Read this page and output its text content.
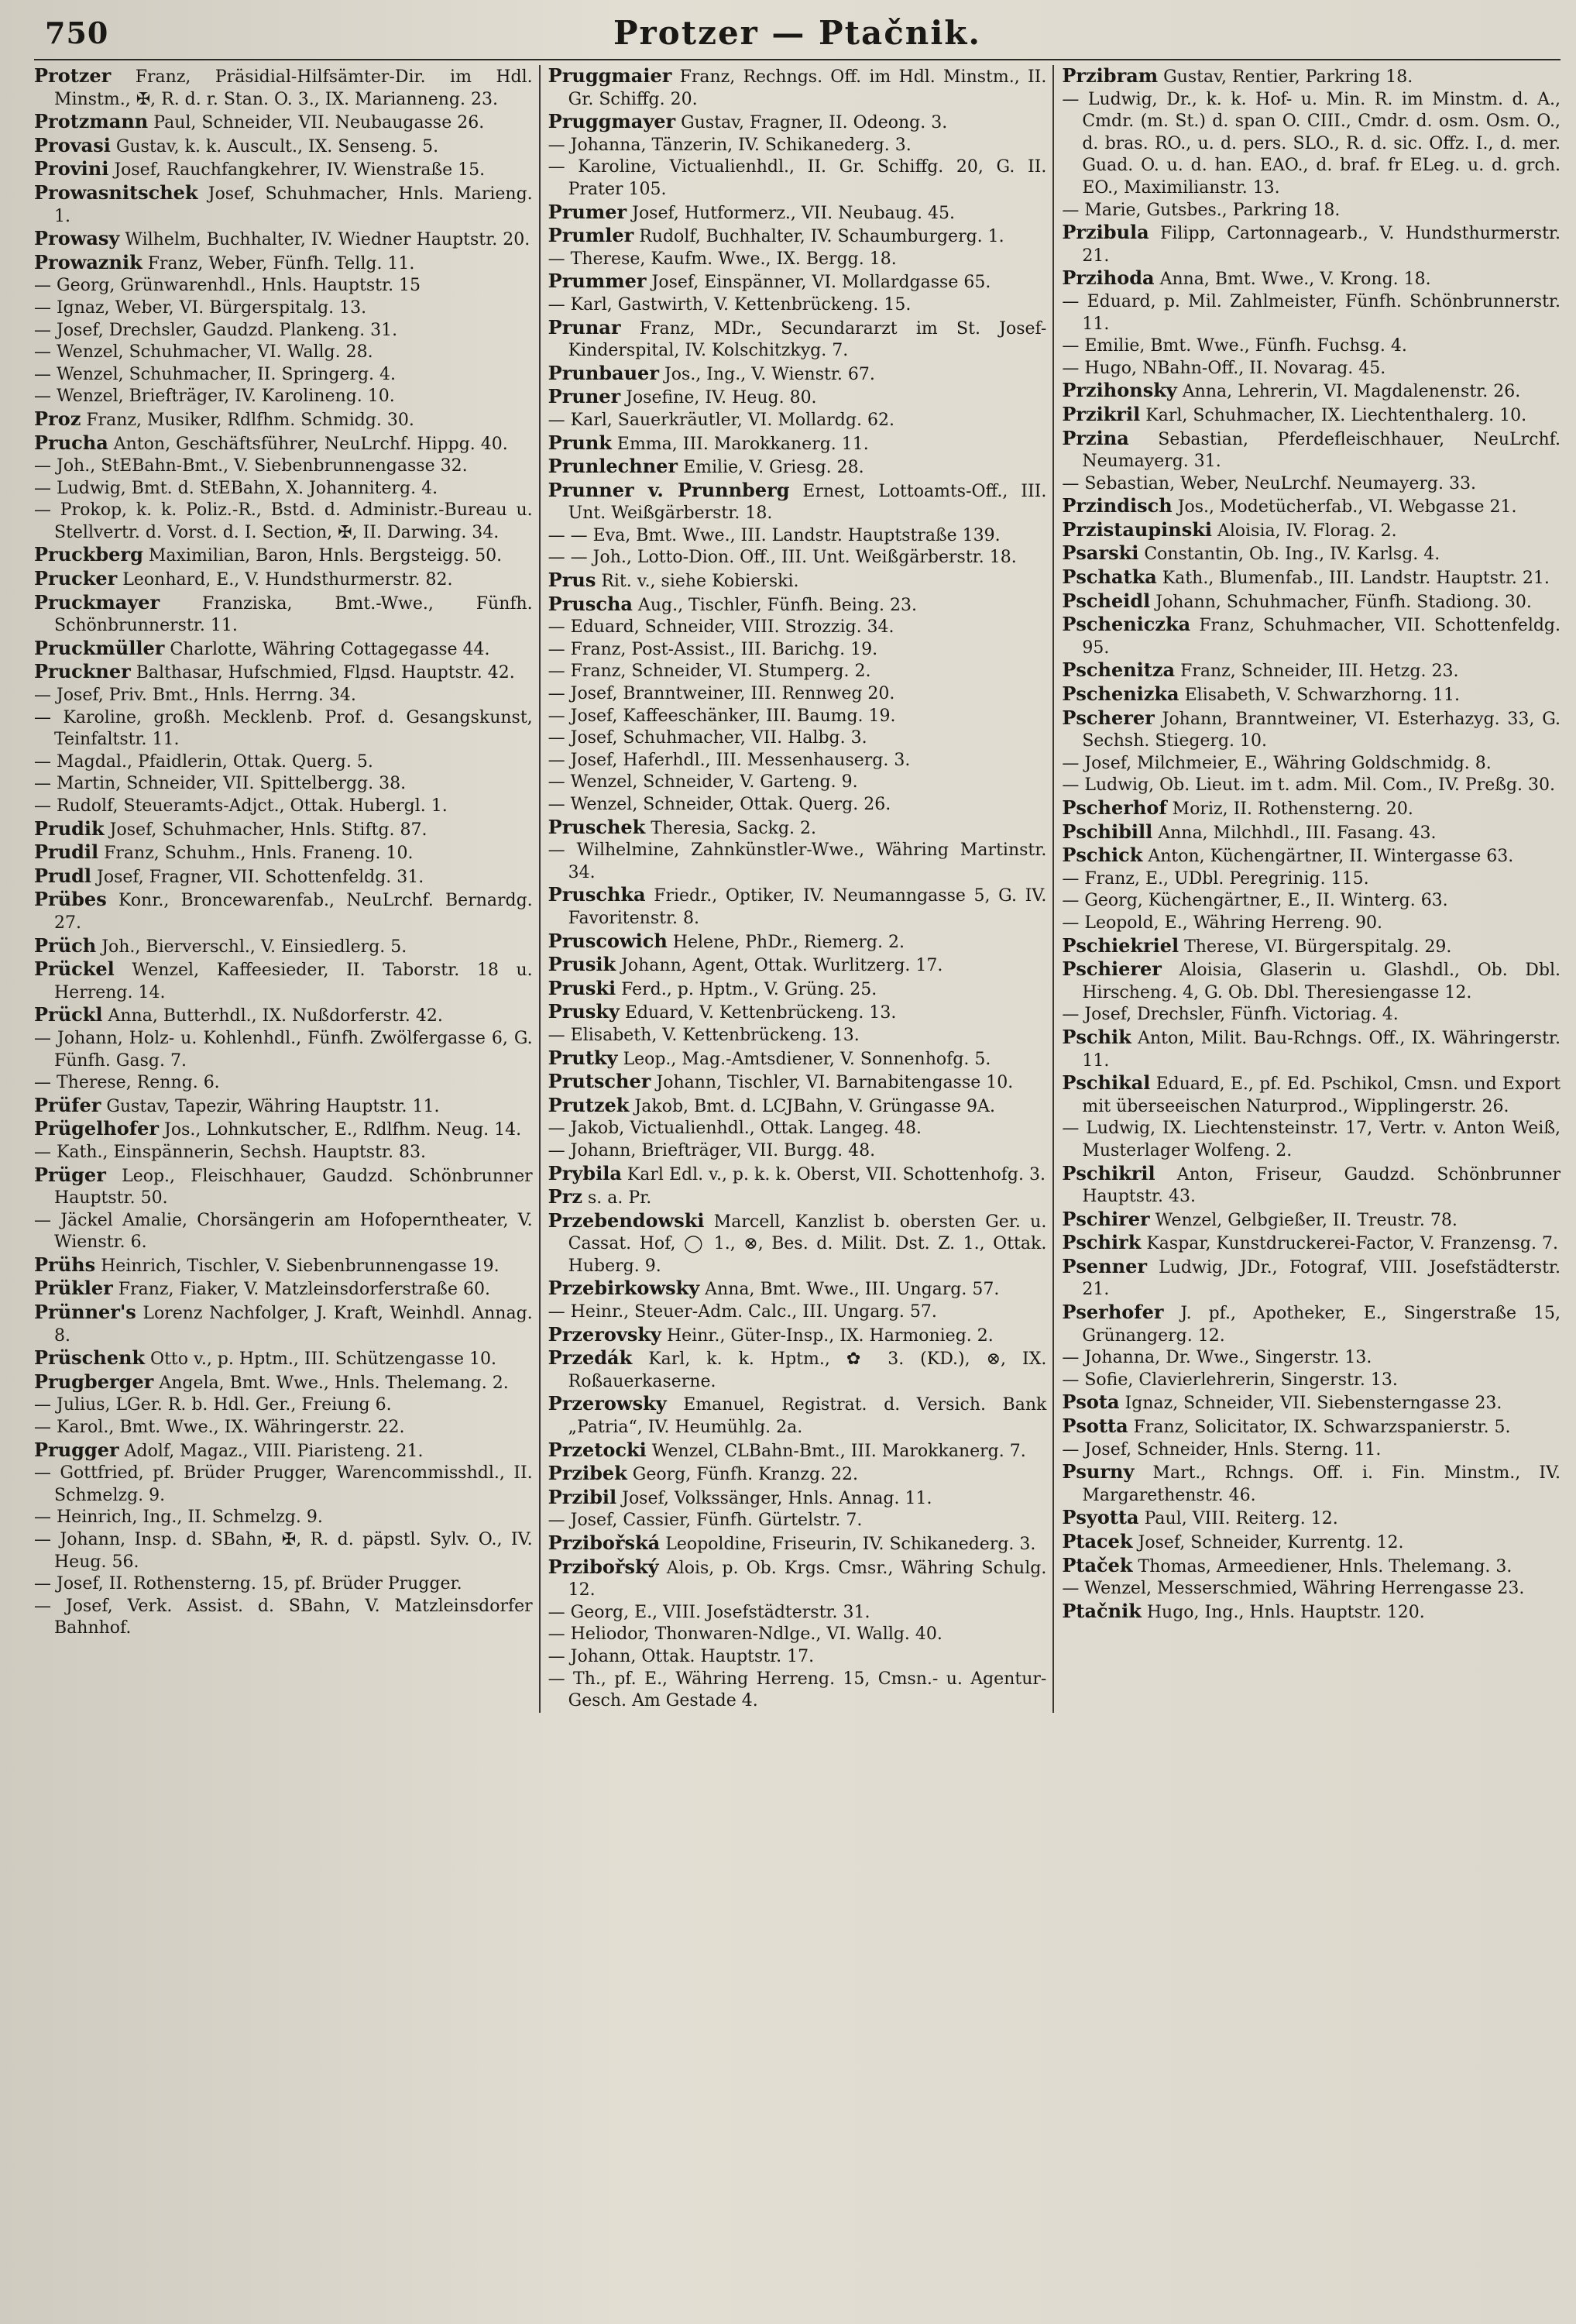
750	Protzer — Ptačnik.

Protzer Franz, Präsidial-Hilfsämter-Dir. im Hdl. Minstm., ✠, R. d. r. Stan. O. 3., IX. Marianneng. 23.

Protzmann Paul, Schneider, VII. Neubaugasse 26.

Provasi Gustav, k. k. Auscult., IX. Senseng. 5.

Provini Josef, Rauchfangkehrer, IV. Wienstraße 15.

Prowasnitschek Josef, Schuhmacher, Hnls. Marieng. 1.

Prowasy Wilhelm, Buchhalter, IV. Wiedner Hauptstr. 20.

Prowaznik Franz, Weber, Fünfh. Tellg. 11.

— Georg, Grünwarenhdl., Hnls. Hauptstr. 15

— Ignaz, Weber, VI. Bürgerspitalg. 13.

— Josef, Drechsler, Gaudzd. Plankeng. 31.

— Wenzel, Schuhmacher, VI. Wallg. 28.

— Wenzel, Schuhmacher, II. Springerg. 4.

— Wenzel, Briefträger, IV. Karolineng. 10.

Proz Franz, Musiker, Rdlfhm. Schmidg. 30.

Prucha Anton, Geschäftsführer, NeuLrchf. Hippg. 40.

— Joh., StEBahn-Bmt., V. Siebenbrunnengasse 32.

— Ludwig, Bmt. d. StEBahn, X. Johanniterg. 4.

— Prokop, k. k. Poliz.-R., Bstd. d. Administr.-Bureau u. Stellvertr. d. Vorst. d. I. Section, ✠, II. Darwing. 34.

Pruckberg Maximilian, Baron, Hnls. Bergsteigg. 50.

Prucker Leonhard, E., V. Hundsthurmerstr. 82.

Pruckmayer Franziska, Bmt.-Wwe., Fünfh. Schönbrunnerstr. 11.

Pruckmüller Charlotte, Währing Cottagegasse 44.

Pruckner Balthasar, Hufschmied, Flдsd. Hauptstr. 42.

— Josef, Priv. Bmt., Hnls. Herrng. 34.

— Karoline, großh. Mecklenb. Prof. d. Gesangskunst, Teinfaltstr. 11.

— Magdal., Pfaidlerin, Ottak. Querg. 5.

— Martin, Schneider, VII. Spittelbergg. 38.

— Rudolf, Steueramts-Adjct., Ottak. Hubergl. 1.

Prudik Josef, Schuhmacher, Hnls. Stiftg. 87.

Prudil Franz, Schuhm., Hnls. Franeng. 10.

Prudl Josef, Fragner, VII. Schottenfeldg. 31.

Prübes Konr., Broncewarenfab., NeuLrchf. Bernardg. 27.

Prüch Joh., Bierverschl., V. Einsiedlerg. 5.

Prückel Wenzel, Kaffeesieder, II. Taborstr. 18 u. Herreng. 14.

Prückl Anna, Butterhdl., IX. Nußdorferstr. 42.

— Johann, Holz- u. Kohlenhdl., Fünfh. Zwölfergasse 6, G. Fünfh. Gasg. 7.

— Therese, Renng. 6.

Prüfer Gustav, Tapezir, Währing Hauptstr. 11.

Prügelhofer Jos., Lohnkutscher, E., Rdlfhm. Neug. 14.

— Kath., Einspännerin, Sechsh. Hauptstr. 83.

Prüger Leop., Fleischhauer, Gaudzd. Schönbrunner Hauptstr. 50.

— Jäckel Amalie, Chorsängerin am Hofoperntheater, V. Wienstr. 6.

Prühs Heinrich, Tischler, V. Siebenbrunnengasse 19.

Prükler Franz, Fiaker, V. Matzleinsdorferstraße 60.

Prünner's Lorenz Nachfolger, J. Kraft, Weinhdl. Annag. 8.

Prüschenk Otto v., p. Hptm., III. Schützengasse 10.

Prugberger Angela, Bmt. Wwe., Hnls. Thelemang. 2.

— Julius, LGer. R. b. Hdl. Ger., Freiung 6.

— Karol., Bmt. Wwe., IX. Währingerstr. 22.

Prugger Adolf, Magaz., VIII. Piaristeng. 21.

— Gottfried, pf. Brüder Prugger, Warencommisshdl., II. Schmelzg. 9.

— Heinrich, Ing., II. Schmelzg. 9.

— Johann, Insp. d. SBahn, ✠, R. d. päpstl. Sylv. O., IV. Heug. 56.

— Josef, II. Rothensterng. 15, pf. Brüder Prugger.

— Josef, Verk. Assist. d. SBahn, V. Matzleinsdorfer Bahnhof.

Pruggmaier Franz, Rechngs. Off. im Hdl. Minstm., II. Gr. Schiffg. 20.

Pruggmayer Gustav, Fragner, II. Odeong. 3.

— Johanna, Tänzerin, IV. Schikanederg. 3.

— Karoline, Victualienhdl., II. Gr. Schiffg. 20, G. II. Prater 105.

Prumer Josef, Hutformerz., VII. Neubaug. 45.

Prumler Rudolf, Buchhalter, IV. Schaumburgerg. 1.

— Therese, Kaufm. Wwe., IX. Bergg. 18.

Prummer Josef, Einspänner, VI. Mollardgasse 65.

— Karl, Gastwirth, V. Kettenbrückeng. 15.

Prunar Franz, MDr., Secundararzt im St. Josef-Kinderspital, IV. Kolschitzkyg. 7.

Prunbauer Jos., Ing., V. Wienstr. 67.

Pruner Josefine, IV. Heug. 80.

— Karl, Sauerkräutler, VI. Mollardg. 62.

Prunk Emma, III. Marokkanerg. 11.

Prunlechner Emilie, V. Griesg. 28.

Prunner v. Prunnberg Ernest, Lottoamts-Off., III. Unt. Weißgärberstr. 18.

— — Eva, Bmt. Wwe., III. Landstr. Hauptstraße 139.

— — Joh., Lotto-Dion. Off., III. Unt. Weißgärberstr. 18.

Prus Rit. v., siehe Kobierski.

Pruscha Aug., Tischler, Fünfh. Being. 23.

— Eduard, Schneider, VIII. Strozzig. 34.

— Franz, Post-Assist., III. Barichg. 19.

— Franz, Schneider, VI. Stumperg. 2.

— Josef, Branntweiner, III. Rennweg 20.

— Josef, Kaffeeschänker, III. Baumg. 19.

— Josef, Schuhmacher, VII. Halbg. 3.

— Josef, Haferhdl., III. Messenhauserg. 3.

— Wenzel, Schneider, V. Garteng. 9.

— Wenzel, Schneider, Ottak. Querg. 26.

Pruschek Theresia, Sackg. 2.

— Wilhelmine, Zahnkünstler-Wwe., Währing Martinstr. 34.

Pruschka Friedr., Optiker, IV. Neumanngasse 5, G. IV. Favoritenstr. 8.

Pruscowich Helene, PhDr., Riemerg. 2.

Prusik Johann, Agent, Ottak. Wurlitzerg. 17.

Pruski Ferd., p. Hptm., V. Grüng. 25.

Prusky Eduard, V. Kettenbrückeng. 13.

— Elisabeth, V. Kettenbrückeng. 13.

Prutky Leop., Mag.-Amtsdiener, V. Sonnenhofg. 5.

Prutscher Johann, Tischler, VI. Barnabitengasse 10.

Prutzek Jakob, Bmt. d. LCJBahn, V. Grüngasse 9A.

— Jakob, Victualienhdl., Ottak. Langeg. 48.

— Johann, Briefträger, VII. Burgg. 48.

Prybila Karl Edl. v., p. k. k. Oberst, VII. Schottenhofg. 3.

Prz s. a. Pr.

Przebendowski Marcell, Kanzlist b. obersten Ger. u. Cassat. Hof, ◯ 1., ⊗, Bes. d. Milit. Dst. Z. 1., Ottak. Huberg. 9.

Przebirkowsky Anna, Bmt. Wwe., III. Ungarg. 57.

— Heinr., Steuer-Adm. Calc., III. Ungarg. 57.

Przerovsky Heinr., Güter-Insp., IX. Harmonieg. 2.

Przedák Karl, k. k. Hptm., ✿ 3. (KD.), ⊗, IX. Roßauerkaserne.

Przerowsky Emanuel, Registrat. d. Versich. Bank „Patria“, IV. Heumühlg. 2a.

Przetocki Wenzel, CLBahn-Bmt., III. Marokkanerg. 7.

Przibek Georg, Fünfh. Kranzg. 22.

Przibil Josef, Volkssänger, Hnls. Annag. 11.

— Josef, Cassier, Fünfh. Gürtelstr. 7.

Przibořská Leopoldine, Friseurin, IV. Schikanederg. 3.

Przibořský Alois, p. Ob. Krgs. Cmsr., Währing Schulg. 12.

— Georg, E., VIII. Josefstädterstr. 31.

— Heliodor, Thonwaren-Ndlge., VI. Wallg. 40.

— Johann, Ottak. Hauptstr. 17.

— Th., pf. E., Währing Herreng. 15, Cmsn.- u. Agentur-Gesch. Am Gestade 4.

Przibram Gustav, Rentier, Parkring 18.

— Ludwig, Dr., k. k. Hof- u. Min. R. im Minstm. d. A., Cmdr. (m. St.) d. span O. CIII., Cmdr. d. osm. Osm. O., d. bras. RO., u. d. pers. SLO., R. d. sic. Offz. I., d. mer. Guad. O. u. d. han. EAO., d. braf. fr ELeg. u. d. grch. EO., Maximilianstr. 13.

— Marie, Gutsbes., Parkring 18.

Przibula Filipp, Cartonnagearb., V. Hundsthurmerstr. 21.

Przihoda Anna, Bmt. Wwe., V. Krong. 18.

— Eduard, p. Mil. Zahlmeister, Fünfh. Schönbrunnerstr. 11.

— Emilie, Bmt. Wwe., Fünfh. Fuchsg. 4.

— Hugo, NBahn-Off., II. Novarag. 45.

Przihonsky Anna, Lehrerin, VI. Magdalenenstr. 26.

Przikril Karl, Schuhmacher, IX. Liechtenthalerg. 10.

Przina Sebastian, Pferdefleischhauer, NeuLrchf. Neumayerg. 31.

— Sebastian, Weber, NeuLrchf. Neumayerg. 33.

Przindisch Jos., Modetücherfab., VI. Webgasse 21.

Przistaupinski Aloisia, IV. Florag. 2.

Psarski Constantin, Ob. Ing., IV. Karlsg. 4.

Pschatka Kath., Blumenfab., III. Landstr. Hauptstr. 21.

Pscheidl Johann, Schuhmacher, Fünfh. Stadiong. 30.

Pscheniczka Franz, Schuhmacher, VII. Schottenfeldg. 95.

Pschenitza Franz, Schneider, III. Hetzg. 23.

Pschenizka Elisabeth, V. Schwarzhorng. 11.

Pscherer Johann, Branntweiner, VI. Esterhazyg. 33, G. Sechsh. Stiegerg. 10.

— Josef, Milchmeier, E., Währing Goldschmidg. 8.

— Ludwig, Ob. Lieut. im t. adm. Mil. Com., IV. Preßg. 30.

Pscherhof Moriz, II. Rothensterng. 20.

Pschibill Anna, Milchhdl., III. Fasang. 43.

Pschick Anton, Küchengärtner, II. Wintergasse 63.

— Franz, E., UDbl. Peregrinig. 115.

— Georg, Küchengärtner, E., II. Winterg. 63.

— Leopold, E., Währing Herreng. 90.

Pschiekriel Therese, VI. Bürgerspitalg. 29.

Pschierer Aloisia, Glaserin u. Glashdl., Ob. Dbl. Hirscheng. 4, G. Ob. Dbl. Theresiengasse 12.

— Josef, Drechsler, Fünfh. Victoriag. 4.

Pschik Anton, Milit. Bau-Rchngs. Off., IX. Währingerstr. 11.

Pschikal Eduard, E., pf. Ed. Pschikol, Cmsn. und Export mit überseeischen Naturprod., Wipplingerstr. 26.

— Ludwig, IX. Liechtensteinstr. 17, Vertr. v. Anton Weiß, Musterlager Wolfeng. 2.

Pschikril Anton, Friseur, Gaudzd. Schönbrunner Hauptstr. 43.

Pschirer Wenzel, Gelbgießer, II. Treustr. 78.

Pschirk Kaspar, Kunstdruckerei-Factor, V. Franzensg. 7.

Psenner Ludwig, JDr., Fotograf, VIII. Josefstädterstr. 21.

Pserhofer J. pf., Apotheker, E., Singerstraße 15, Grünangerg. 12.

— Johanna, Dr. Wwe., Singerstr. 13.

— Sofie, Clavierlehrerin, Singerstr. 13.

Psota Ignaz, Schneider, VII. Siebensterngasse 23.

Psotta Franz, Solicitator, IX. Schwarzspanierstr. 5.

— Josef, Schneider, Hnls. Sterng. 11.

Psurny Mart., Rchngs. Off. i. Fin. Minstm., IV. Margarethenstr. 46.

Psyotta Paul, VIII. Reiterg. 12.

Ptacek Josef, Schneider, Kurrentg. 12.

Ptaček Thomas, Armeediener, Hnls. Thelemang. 3.

— Wenzel, Messerschmied, Währing Herrengasse 23.

Ptačnik Hugo, Ing., Hnls. Hauptstr. 120.
